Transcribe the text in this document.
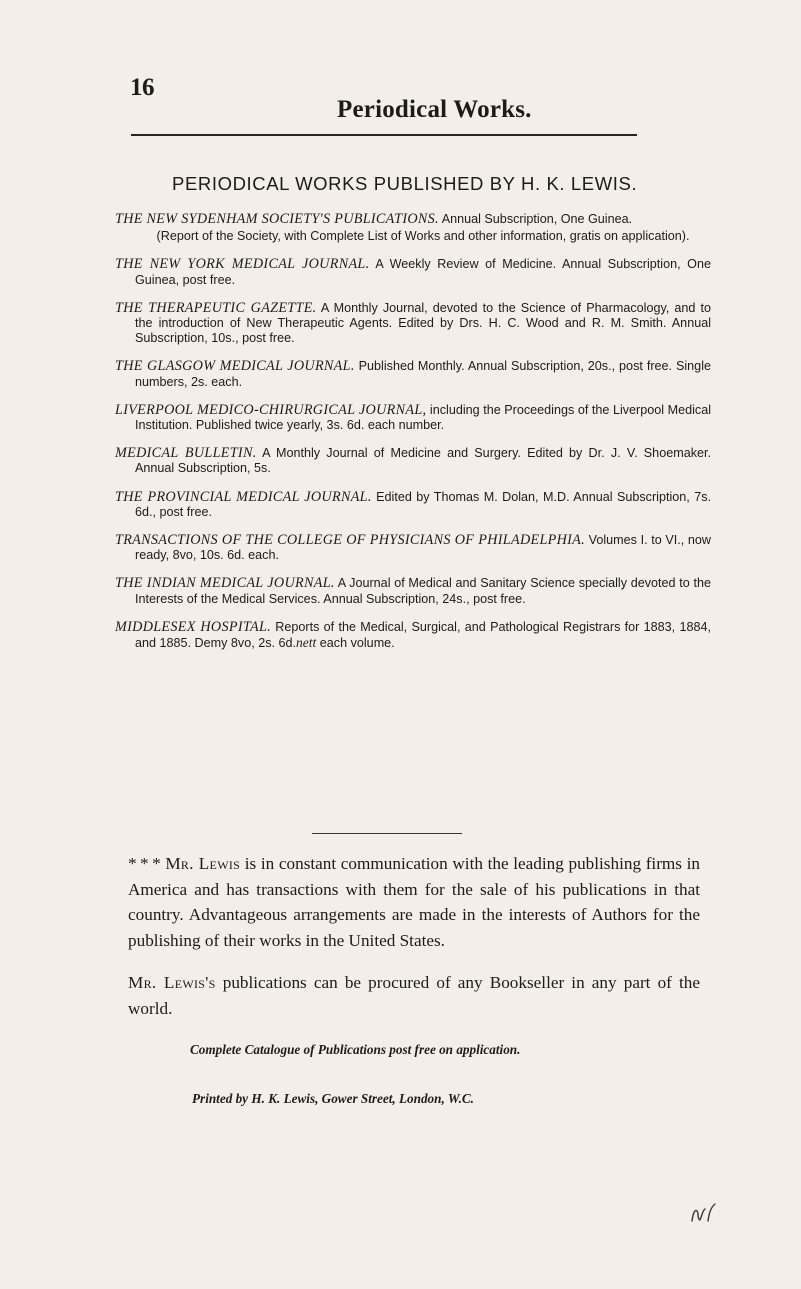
16
Periodical Works.
PERIODICAL WORKS PUBLISHED BY H. K. LEWIS.

THE NEW SYDENHAM SOCIETY'S PUBLICATIONS. Annual Subscription, One Guinea.
(Report of the Society, with Complete List of Works and other information, gratis on application).

THE NEW YORK MEDICAL JOURNAL. A Weekly Review of Medicine. Annual Subscription, One Guinea, post free.

THE THERAPEUTIC GAZETTE. A Monthly Journal, devoted to the Science of Pharmacology, and to the introduction of New Therapeutic Agents. Edited by Drs. H. C. Wood and R. M. Smith. Annual Subscription, 10s., post free.

THE GLASGOW MEDICAL JOURNAL. Published Monthly. Annual Subscription, 20s., post free. Single numbers, 2s. each.

LIVERPOOL MEDICO-CHIRURGICAL JOURNAL, including the Proceedings of the Liverpool Medical Institution. Published twice yearly, 3s. 6d. each number.

MEDICAL BULLETIN. A Monthly Journal of Medicine and Surgery. Edited by Dr. J. V. Shoemaker. Annual Subscription, 5s.

THE PROVINCIAL MEDICAL JOURNAL. Edited by Thomas M. Dolan, M.D. Annual Subscription, 7s. 6d., post free.

TRANSACTIONS OF THE COLLEGE OF PHYSICIANS OF PHILADELPHIA. Volumes I. to VI., now ready, 8vo, 10s. 6d. each.

THE INDIAN MEDICAL JOURNAL. A Journal of Medical and Sanitary Science specially devoted to the Interests of the Medical Services. Annual Subscription, 24s., post free.

MIDDLESEX HOSPITAL. Reports of the Medical, Surgical, and Pathological Registrars for 1883, 1884, and 1885. Demy 8vo, 2s. 6d.nett each volume.

* * * Mr. Lewis is in constant communication with the leading publishing firms in America and has transactions with them for the sale of his publications in that country. Advantageous arrangements are made in the interests of Authors for the publishing of their works in the United States.

Mr. Lewis's publications can be procured of any Bookseller in any part of the world.

Complete Catalogue of Publications post free on application.
Printed by H. K. Lewis, Gower Street, London, W.C.
